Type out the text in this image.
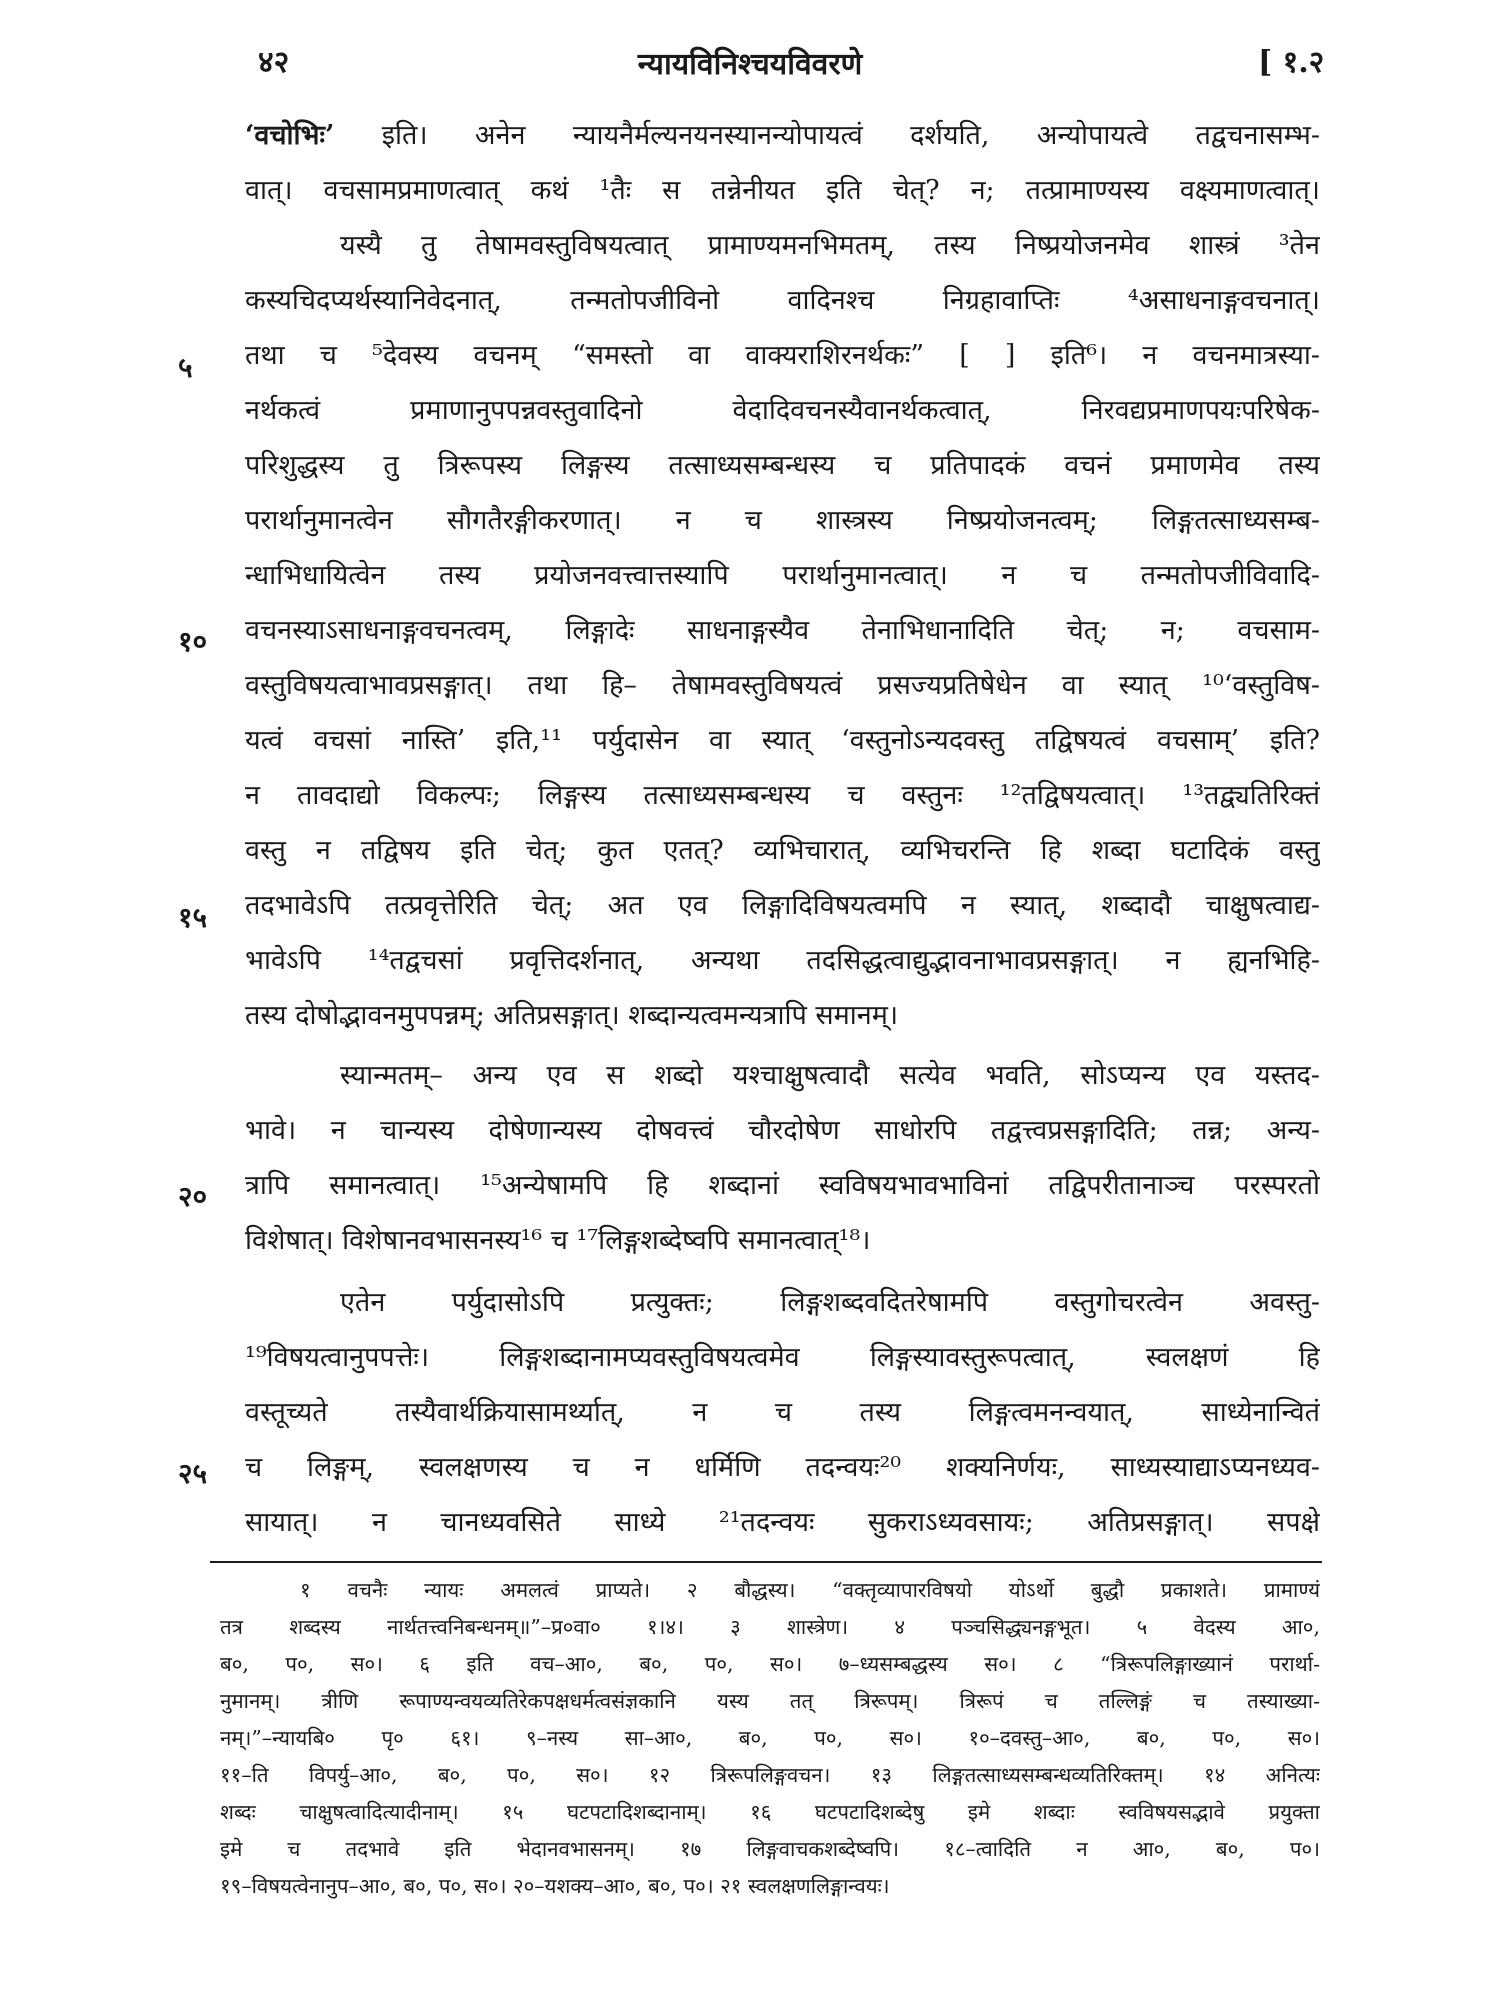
४२	न्यायविनिश्चयविवरणे	[ १.२
५
१०
१५
२०
२५
‘वचोभिः’ इति। अनेन न्यायनैर्मल्यनयनस्यानन्योपायत्वं दर्शयति, अन्योपायत्वे तद्वचनासम्भ-
वात्। वचसामप्रमाणत्वात् कथं ¹तैः स तन्नेनीयत इति चेत्? न; तत्प्रामाण्यस्य वक्ष्यमाणत्वात्।
यस्यै तु तेषामवस्तुविषयत्वात् प्रामाण्यमनभिमतम्, तस्य निष्प्रयोजनमेव शास्त्रं ³तेन
कस्यचिदप्यर्थस्यानिवेदनात्, तन्मतोपजीविनो वादिनश्च निग्रहावाप्तिः ⁴असाधनाङ्गवचनात्।
तथा च ⁵देवस्य वचनम् “समस्तो वा वाक्यराशिरनर्थकः” [ ] इति⁶। न वचनमात्रस्या-
नर्थकत्वं प्रमाणानुपपन्नवस्तुवादिनो वेदादिवचनस्यैवानर्थकत्वात्, निरवद्यप्रमाणपयःपरिषेक-
परिशुद्धस्य तु त्रिरूपस्य लिङ्गस्य तत्साध्यसम्बन्धस्य च प्रतिपादकं वचनं प्रमाणमेव तस्य
परार्थानुमानत्वेन सौगतैरङ्गीकरणात्। न च शास्त्रस्य निष्प्रयोजनत्वम्; लिङ्गतत्साध्यसम्ब-
न्धाभिधायित्वेन तस्य प्रयोजनवत्त्वात्तस्यापि परार्थानुमानत्वात्। न च तन्मतोपजीविवादि-
वचनस्याऽसाधनाङ्गवचनत्वम्, लिङ्गादेः साधनाङ्गस्यैव तेनाभिधानादिति चेत्; न; वचसाम-
वस्तुविषयत्वाभावप्रसङ्गात्। तथा हि– तेषामवस्तुविषयत्वं प्रसज्यप्रतिषेधेन वा स्यात् ¹⁰‘वस्तुविष-
यत्वं वचसां नास्ति’ इति,¹¹ पर्युदासेन वा स्यात् ‘वस्तुनोऽन्यदवस्तु तद्विषयत्वं वचसाम्’ इति?
न तावदाद्यो विकल्पः; लिङ्गस्य तत्साध्यसम्बन्धस्य च वस्तुनः ¹²तद्विषयत्वात्। ¹³तद्व्यतिरिक्तं
वस्तु न तद्विषय इति चेत्; कुत एतत्? व्यभिचारात्, व्यभिचरन्ति हि शब्दा घटादिकं वस्तु
तदभावेऽपि तत्प्रवृत्तेरिति चेत्; अत एव लिङ्गादिविषयत्वमपि न स्यात्, शब्दादौ चाक्षुषत्वाद्य-
भावेऽपि ¹⁴तद्वचसां प्रवृत्तिदर्शनात्, अन्यथा तदसिद्धत्वाद्युद्भावनाभावप्रसङ्गात्। न ह्यनभिहि-
तस्य दोषोद्भावनमुपपन्नम्; अतिप्रसङ्गात्। शब्दान्यत्वमन्यत्रापि समानम्।
स्यान्मतम्– अन्य एव स शब्दो यश्चाक्षुषत्वादौ सत्येव भवति, सोऽप्यन्य एव यस्तद-
भावे। न चान्यस्य दोषेणान्यस्य दोषवत्त्वं चौरदोषेण साधोरपि तद्वत्त्वप्रसङ्गादिति; तन्न; अन्य-
त्रापि समानत्वात्। ¹⁵अन्येषामपि हि शब्दानां स्वविषयभावभाविनां तद्विपरीतानाञ्च परस्परतो
विशेषात्। विशेषानवभासनस्य¹⁶ च ¹⁷लिङ्गशब्देष्वपि समानत्वात्¹⁸।
एतेन पर्युदासोऽपि प्रत्युक्तः; लिङ्गशब्दवदितरेषामपि वस्तुगोचरत्वेन अवस्तु-
¹⁹विषयत्वानुपपत्तेः। लिङ्गशब्दानामप्यवस्तुविषयत्वमेव लिङ्गस्यावस्तुरूपत्वात्, स्वलक्षणं हि
वस्तूच्यते तस्यैवार्थक्रियासामर्थ्यात्, न च तस्य लिङ्गत्वमनन्वयात्, साध्येनान्वितं
च लिङ्गम्, स्वलक्षणस्य च न धर्मिणि तदन्वयः²⁰ शक्यनिर्णयः, साध्यस्याद्याऽप्यनध्यव-
सायात्। न चानध्यवसिते साध्ये ²¹तदन्वयः सुकराऽध्यवसायः; अतिप्रसङ्गात्। सपक्षे
१ वचनैः न्यायः अमलत्वं प्राप्यते। २ बौद्धस्य। “वक्तृव्यापारविषयो योऽर्थो बुद्धौ प्रकाशते। प्रामाण्यं
तत्र शब्दस्य नार्थतत्त्वनिबन्धनम्॥”–प्र०वा० १।४। ३ शास्त्रेण। ४ पञ्चसिद्ध्यनङ्गभूत। ५ वेदस्य आ०,
ब०, प०, स०। ६ इति वच–आ०, ब०, प०, स०। ७–ध्यसम्बद्धस्य स०। ८ “त्रिरूपलिङ्गाख्यानं परार्था-
नुमानम्। त्रीणि रूपाण्यन्वयव्यतिरेकपक्षधर्मत्वसंज्ञकानि यस्य तत् त्रिरूपम्। त्रिरूपं च तल्लिङ्गं च तस्याख्या-
नम्।”–न्यायबि० पृ० ६१। ९–नस्य सा–आ०, ब०, प०, स०। १०–दवस्तु–आ०, ब०, प०, स०।
११–ति विपर्यु–आ०, ब०, प०, स०। १२ त्रिरूपलिङ्गवचन। १३ लिङ्गतत्साध्यसम्बन्धव्यतिरिक्तम्। १४ अनित्यः
शब्दः चाक्षुषत्वादित्यादीनाम्। १५ घटपटादिशब्दानाम्। १६ घटपटादिशब्देषु इमे शब्दाः स्वविषयसद्भावे प्रयुक्ता
इमे च तदभावे इति भेदानवभासनम्। १७ लिङ्गवाचकशब्देष्वपि। १८–त्वादिति न आ०, ब०, प०।
१९–विषयत्वेनानुप–आ०, ब०, प०, स०। २०–यशक्य–आ०, ब०, प०। २१ स्वलक्षणलिङ्गान्वयः।
